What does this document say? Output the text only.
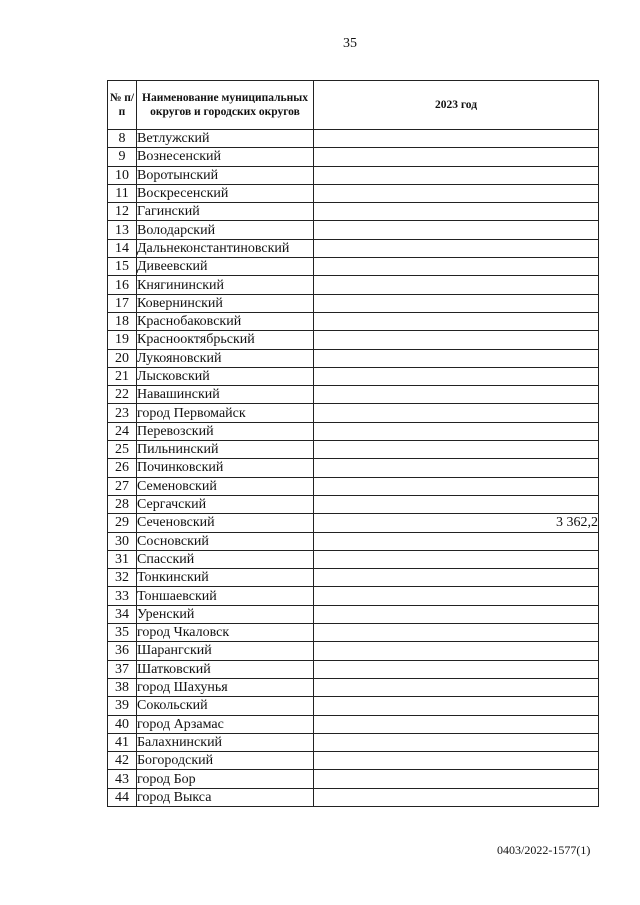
35
№ п/п	Наименование муниципальных округов и городских округов	2023 год
8	Ветлужский	
9	Вознесенский	
10	Воротынский	
11	Воскресенский	
12	Гагинский	
13	Володарский	
14	Дальнеконстантиновский	
15	Дивеевский	
16	Княгининский	
17	Ковернинский	
18	Краснобаковский	
19	Краснооктябрьский	
20	Лукояновский	
21	Лысковский	
22	Навашинский	
23	город Первомайск	
24	Перевозский	
25	Пильнинский	
26	Починковский	
27	Семеновский	
28	Сергачский	
29	Сеченовский	3 362,2
30	Сосновский	
31	Спасский	
32	Тонкинский	
33	Тоншаевский	
34	Уренский	
35	город Чкаловск	
36	Шарангский	
37	Шатковский	
38	город Шахунья	
39	Сокольский	
40	город Арзамас	
41	Балахнинский	
42	Богородский	
43	город Бор	
44	город Выкса	
0403/2022-1577(1)
